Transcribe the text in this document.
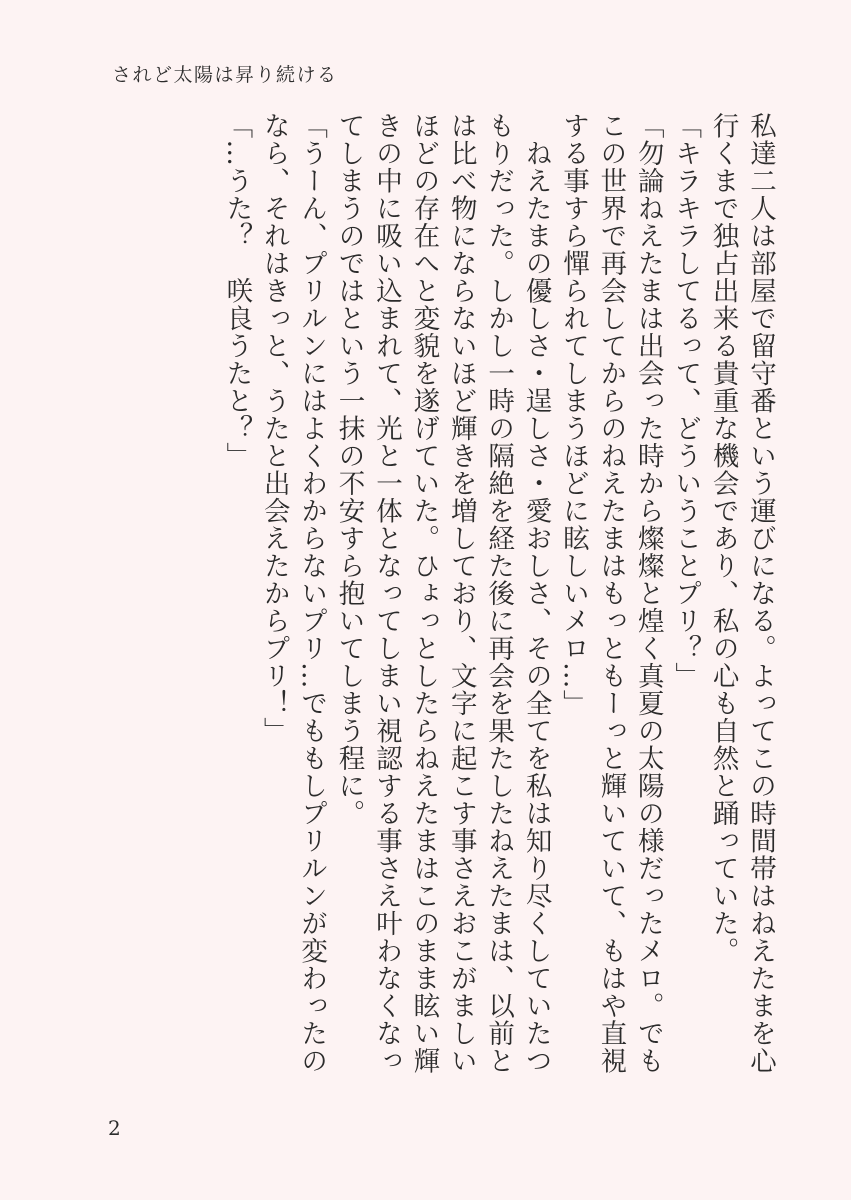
されど太陽は昇り続ける

私達二人は部屋で留守番という運びになる。よってこの時間帯はねえたまを心行くまで独占出来る貴重な機会であり、私の心も自然と踊っていた。

「キラキラしてるって、どういうことプリ？」

「勿論ねえたまは出会った時から燦燦と煌く真夏の太陽の様だったメロ。でもこの世界で再会してからのねえたまはもっともーっと輝いていて、もはや直視する事すら憚られてしまうほどに眩しいメロ…」

　ねえたまの優しさ・逞しさ・愛おしさ、その全てを私は知り尽くしていたつもりだった。しかし一時の隔絶を経た後に再会を果たしたねえたまは、以前とは比べ物にならないほど輝きを増しており、文字に起こす事さえおこがましいほどの存在へと変貌を遂げていた。ひょっとしたらねえたまはこのまま眩い輝きの中に吸い込まれて、光と一体となってしまい視認する事さえ叶わなくなってしまうのではという一抹の不安すら抱いてしまう程に。

「うーん、プリルンにはよくわからないプリ…でももしプリルンが変わったのなら、それはきっと、うたと出会えたからプリ！」

「…うた？　咲良うたと？」

2
